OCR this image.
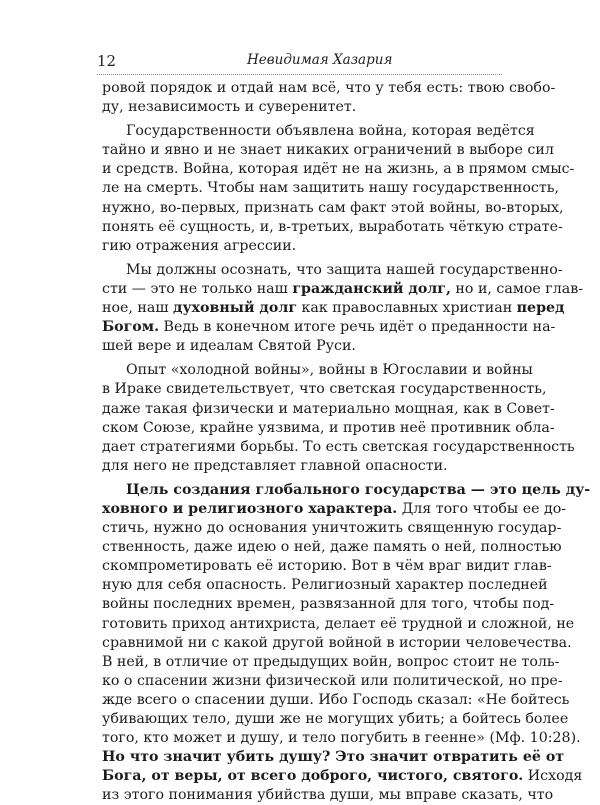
12	Невидимая Хазария
ровой порядок и отдай нам всё, что у тебя есть: твою свобо-
ду, независимость и суверенитет.
Государственности объявлена война, которая ведётся
тайно и явно и не знает никаких ограничений в выборе сил
и средств. Война, которая идёт не на жизнь, а в прямом смыс-
ле на смерть. Чтобы нам защитить нашу государственность,
нужно, во-первых, признать сам факт этой войны, во-вторых,
понять её сущность, и, в-третьих, выработать чёткую страте-
гию отражения агрессии.
Мы должны осознать, что защита нашей государственно-
сти — это не только наш гражданский долг, но и, самое глав-
ное, наш духовный долг как православных христиан перед
Богом. Ведь в конечном итоге речь идёт о преданности на-
шей вере и идеалам Святой Руси.
Опыт «холодной войны», войны в Югославии и войны
в Ираке свидетельствует, что светская государственность,
даже такая физически и материально мощная, как в Совет-
ском Союзе, крайне уязвима, и против неё противник обла-
дает стратегиями борьбы. То есть светская государственность
для него не представляет главной опасности.
Цель создания глобального государства — это цель ду-
ховного и религиозного характера. Для того чтобы ее до-
стичь, нужно до основания уничтожить священную государ-
ственность, даже идею о ней, даже память о ней, полностью
скомпрометировать её историю. Вот в чём враг видит глав-
ную для себя опасность. Религиозный характер последней
войны последних времен, развязанной для того, чтобы под-
готовить приход антихриста, делает её трудной и сложной, не
сравнимой ни с какой другой войной в истории человечества.
В ней, в отличие от предыдущих войн, вопрос стоит не толь-
ко о спасении жизни физической или политической, но пре-
жде всего о спасении души. Ибо Господь сказал: «Не бойтесь
убивающих тело, души же не могущих убить; а бойтесь более
того, кто может и душу, и тело погубить в геенне» (Мф. 10:28).
Но что значит убить душу? Это значит отвратить её от
Бога, от веры, от всего доброго, чистого, святого. Исходя
из этого понимания убийства души, мы вправе сказать, что
